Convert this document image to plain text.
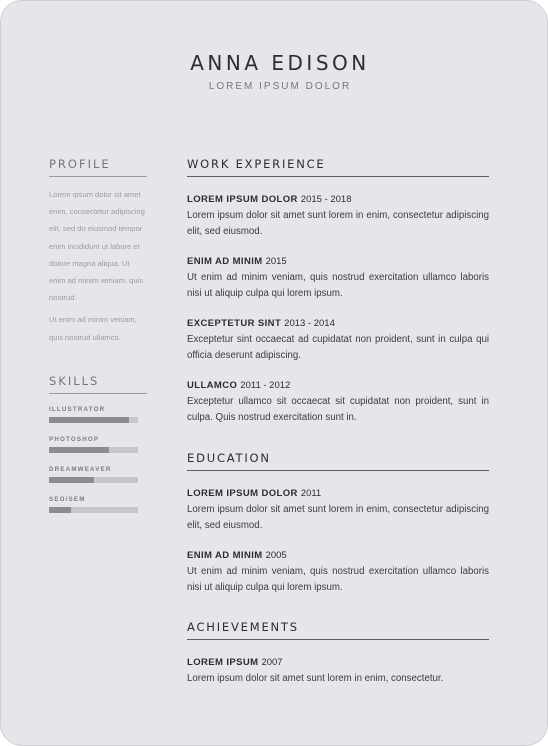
ANNA EDISON
LOREM IPSUM DOLOR
PROFILE

Lorem ipsum dolor sit amet enim, consectetur adipiscing elit, sed do eiusmod tempor enim incididunt ut labore et dolore magna aliqua. Ut enim ad minim veniam, quis nostrud.

Ut enim ad minim veniam, quis nostrud ullamco.

SKILLS
ILLUSTRATOR
PHOTOSHOP
DREAMWEAVER
SEO/SEM
WORK EXPERIENCE
LOREM IPSUM DOLOR 2015 - 2018
Lorem ipsum dolor sit amet sunt lorem in enim, consectetur adipiscing elit, sed eiusmod.
ENIM AD MINIM 2015
Ut enim ad minim veniam, quis nostrud exercitation ullamco laboris nisi ut aliquip culpa qui lorem ipsum.
EXCEPTETUR SINT 2013 - 2014
Exceptetur sint occaecat ad cupidatat non proident, sunt in culpa qui officia deserunt adipiscing.
ULLAMCO 2011 - 2012
Exceptetur ullamco sit occaecat sit cupidatat non proident, sunt in culpa. Quis nostrud exercitation sunt in.
EDUCATION
LOREM IPSUM DOLOR 2011
Lorem ipsum dolor sit amet sunt lorem in enim, consectetur adipiscing elit, sed eiusmod.
ENIM AD MINIM 2005
Ut enim ad minim veniam, quis nostrud exercitation ullamco laboris nisi ut aliquip culpa qui lorem ipsum.
ACHIEVEMENTS
LOREM IPSUM 2007
Lorem ipsum dolor sit amet sunt lorem in enim, consectetur.
